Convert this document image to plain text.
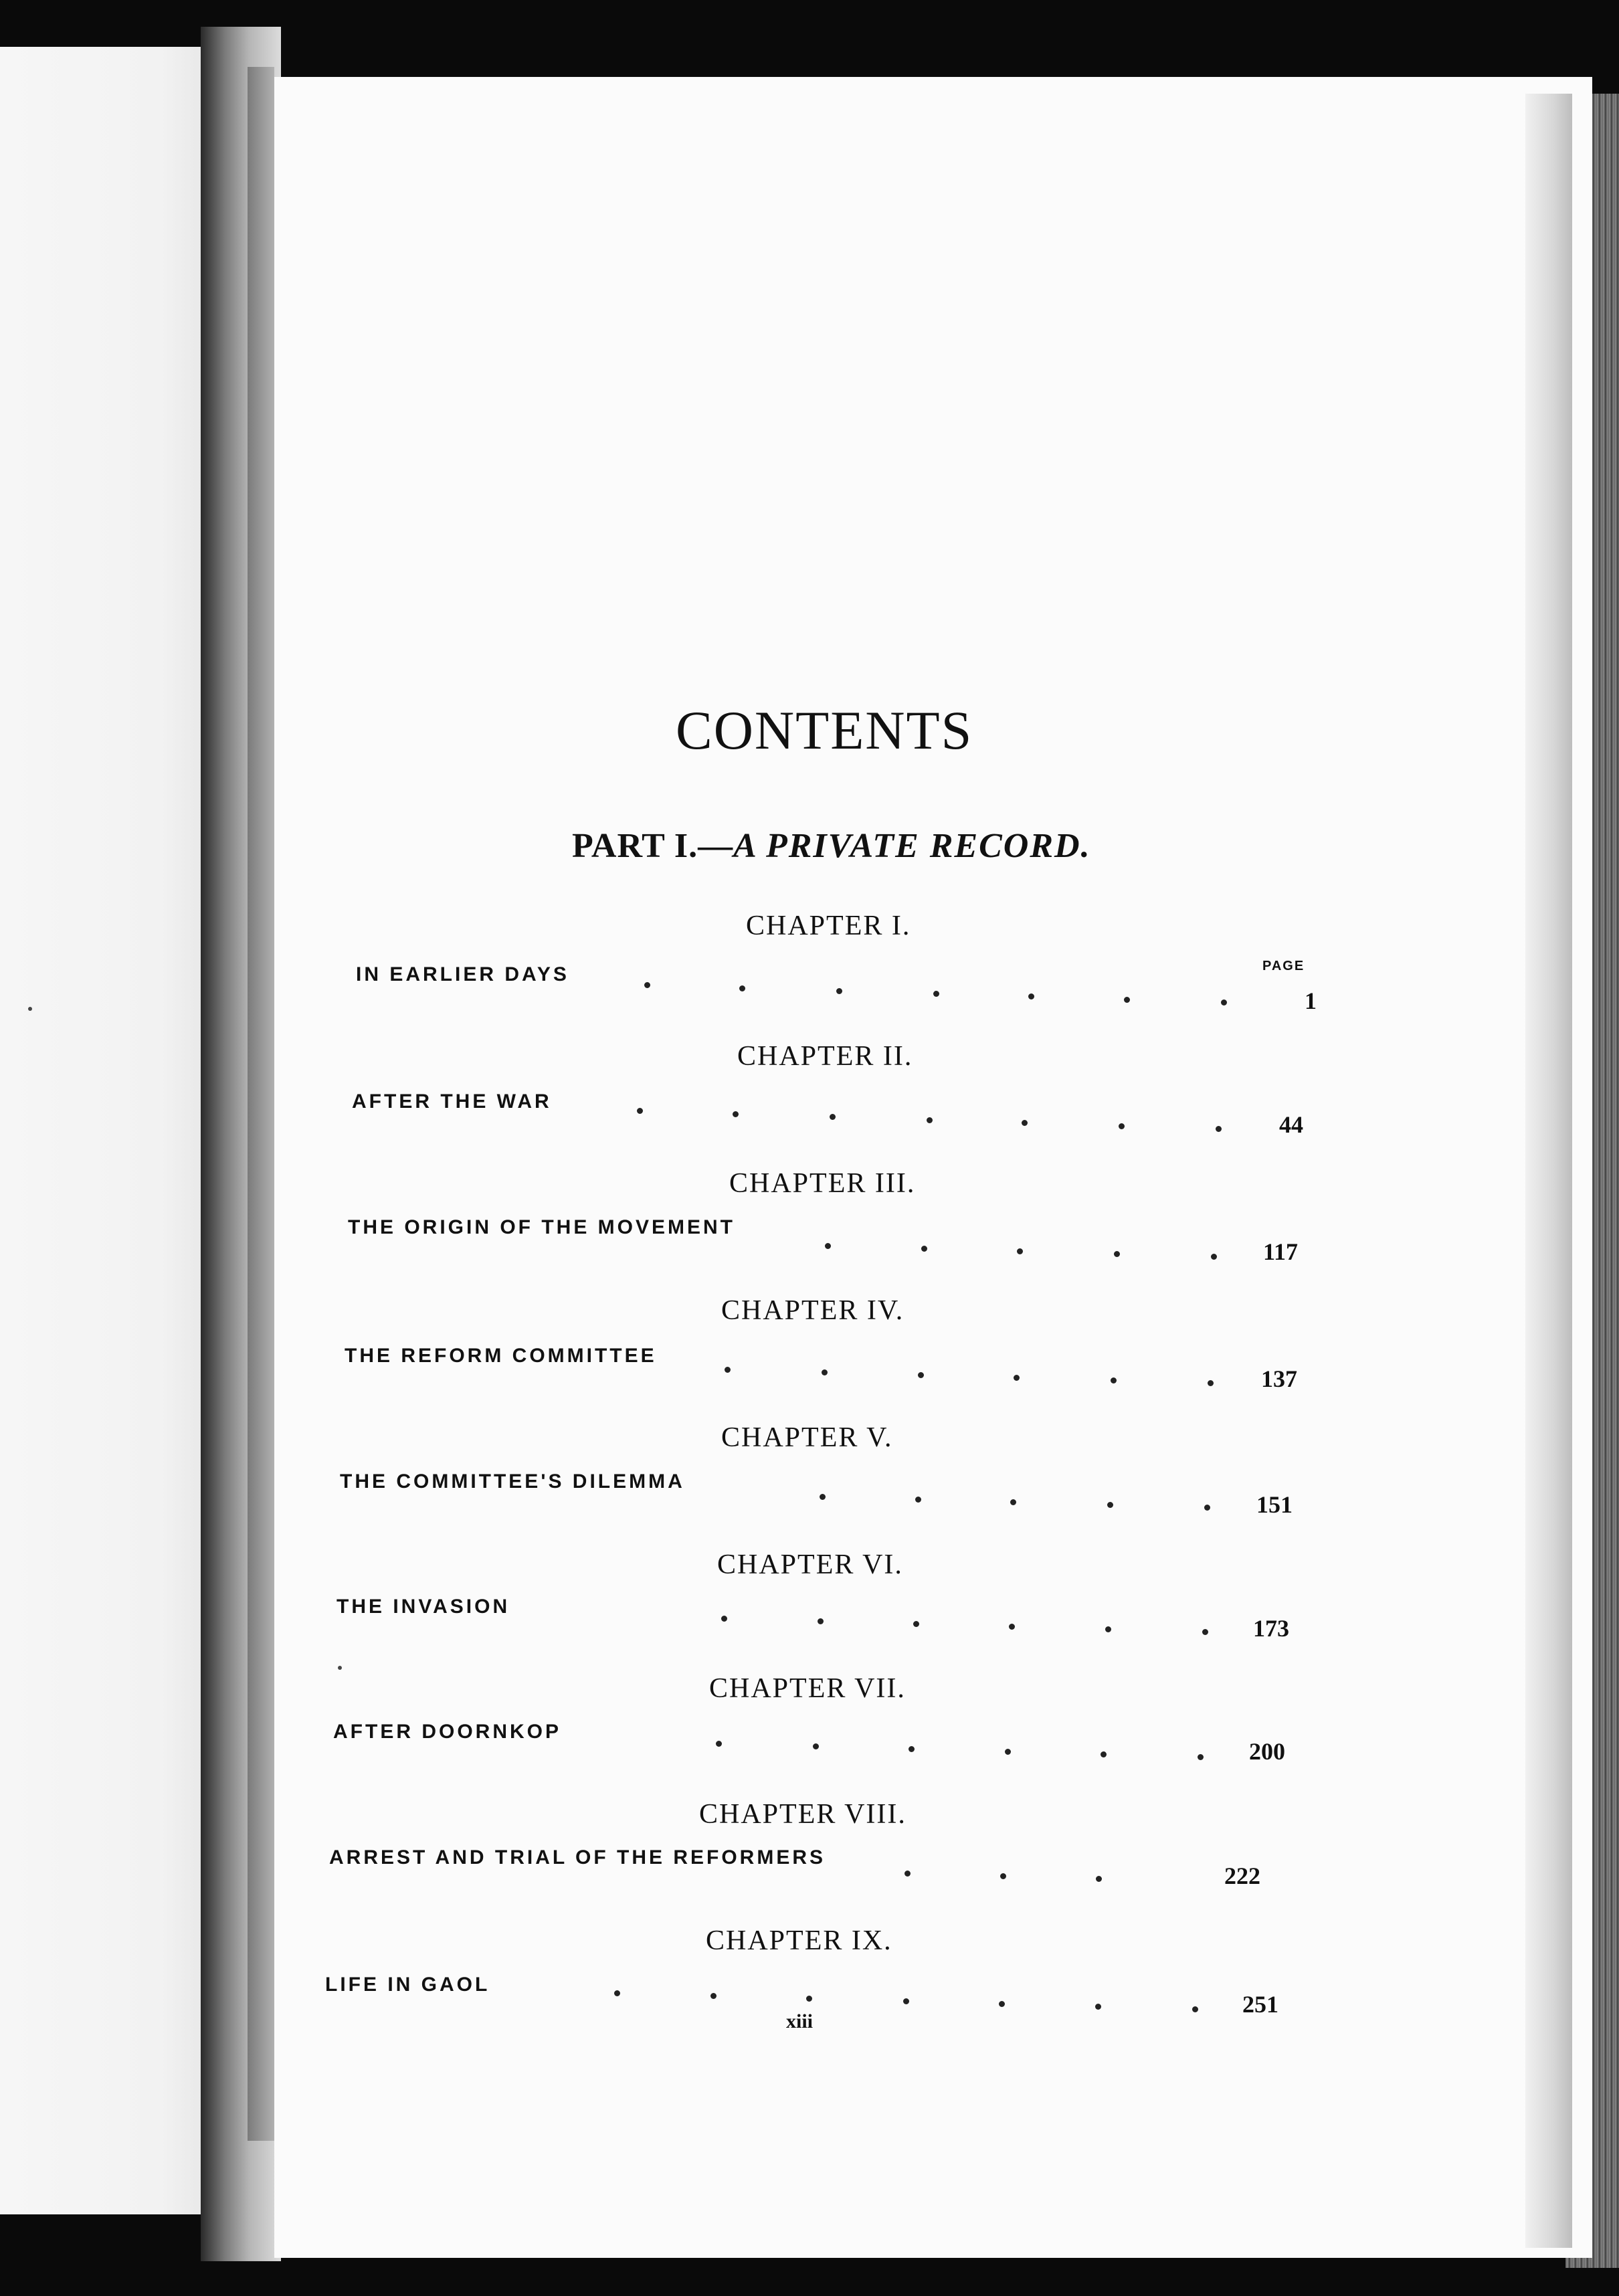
CONTENTS
PART I.—A PRIVATE RECORD.
PAGE
CHAPTER I.
IN EARLIER DAYS
1
CHAPTER II.
AFTER THE WAR
44
CHAPTER III.
THE ORIGIN OF THE MOVEMENT
117
CHAPTER IV.
THE REFORM COMMITTEE
137
CHAPTER V.
THE COMMITTEE'S DILEMMA
151
CHAPTER VI.
THE INVASION
173
CHAPTER VII.
AFTER DOORNKOP
200
CHAPTER VIII.
ARREST AND TRIAL OF THE REFORMERS
222
CHAPTER IX.
LIFE IN GAOL
251
xiii
